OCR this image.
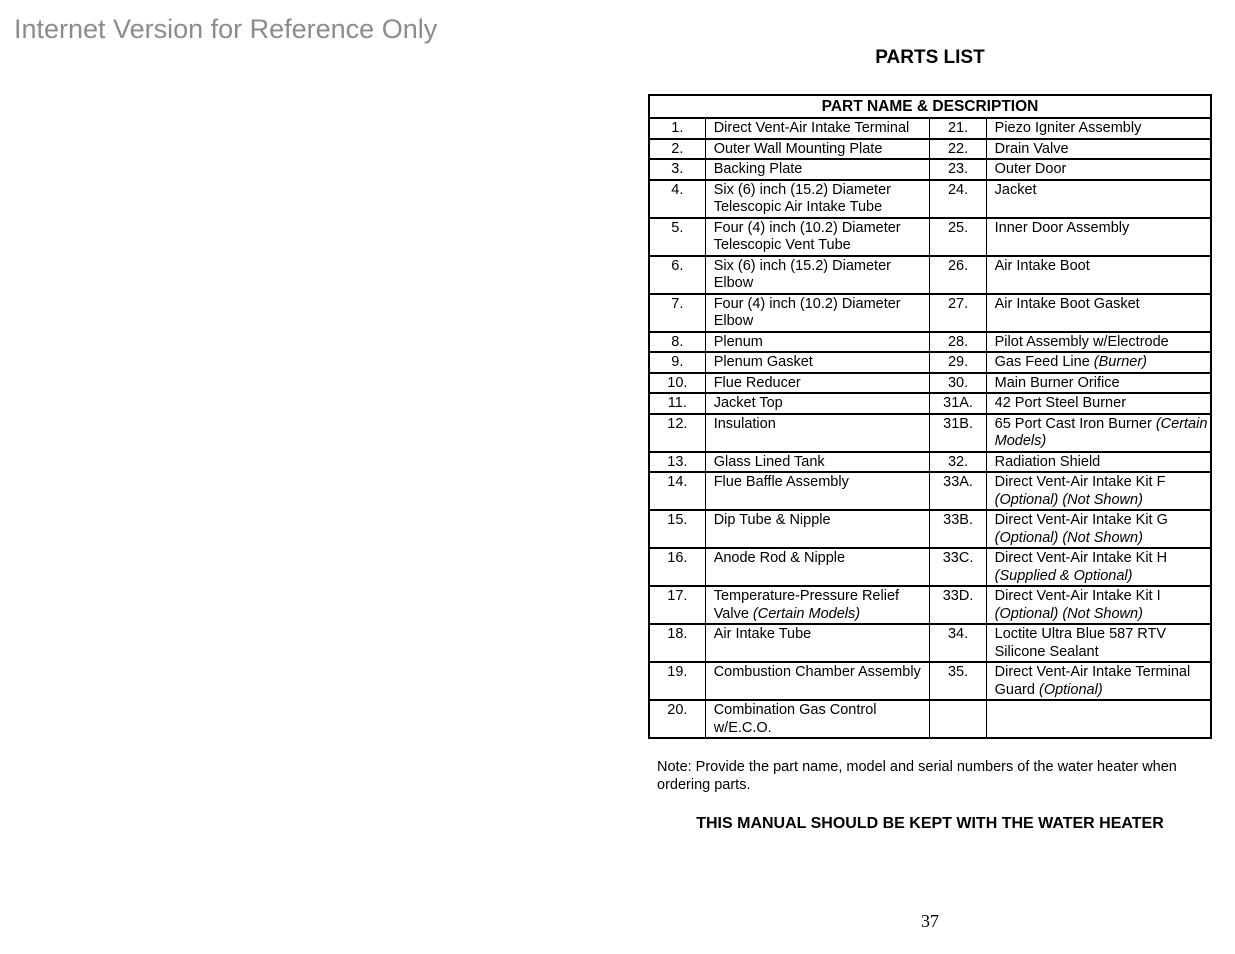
Internet Version for Reference Only
PARTS LIST
PART NAME & DESCRIPTION			
1.	Direct Vent-Air Intake Terminal	21.	Piezo Igniter Assembly
2.	Outer Wall Mounting Plate	22.	Drain Valve
3.	Backing Plate	23.	Outer Door
4.	Six (6) inch (15.2) Diameter Telescopic Air Intake Tube	24.	Jacket
5.	Four (4) inch (10.2) Diameter Telescopic Vent Tube	25.	Inner Door Assembly
6.	Six (6) inch (15.2) Diameter Elbow	26.	Air Intake Boot
7.	Four (4) inch (10.2) Diameter Elbow	27.	Air Intake Boot Gasket
8.	Plenum	28.	Pilot Assembly w/Electrode
9.	Plenum Gasket	29.	Gas Feed Line (Burner)
10.	Flue Reducer	30.	Main Burner Orifice
11.	Jacket Top	31A.	42 Port Steel Burner
12.	Insulation	31B.	65 Port Cast Iron Burner (Certain Models)
13.	Glass Lined Tank	32.	Radiation Shield
14.	Flue Baffle Assembly	33A.	Direct Vent-Air Intake Kit F (Optional) (Not Shown)
15.	Dip Tube & Nipple	33B.	Direct Vent-Air Intake Kit G (Optional) (Not Shown)
16.	Anode Rod & Nipple	33C.	Direct Vent-Air Intake Kit H (Supplied & Optional)
17.	Temperature-Pressure Relief Valve (Certain Models)	33D.	Direct Vent-Air Intake Kit I (Optional) (Not Shown)
18.	Air Intake Tube	34.	Loctite Ultra Blue 587 RTV Silicone Sealant
19.	Combustion Chamber Assembly	35.	Direct Vent-Air Intake Terminal Guard (Optional)
20.	Combination Gas Control w/E.C.O.		
Note: Provide the part name, model and serial numbers of the water heater when ordering parts.
THIS MANUAL SHOULD BE KEPT WITH THE WATER HEATER
37
